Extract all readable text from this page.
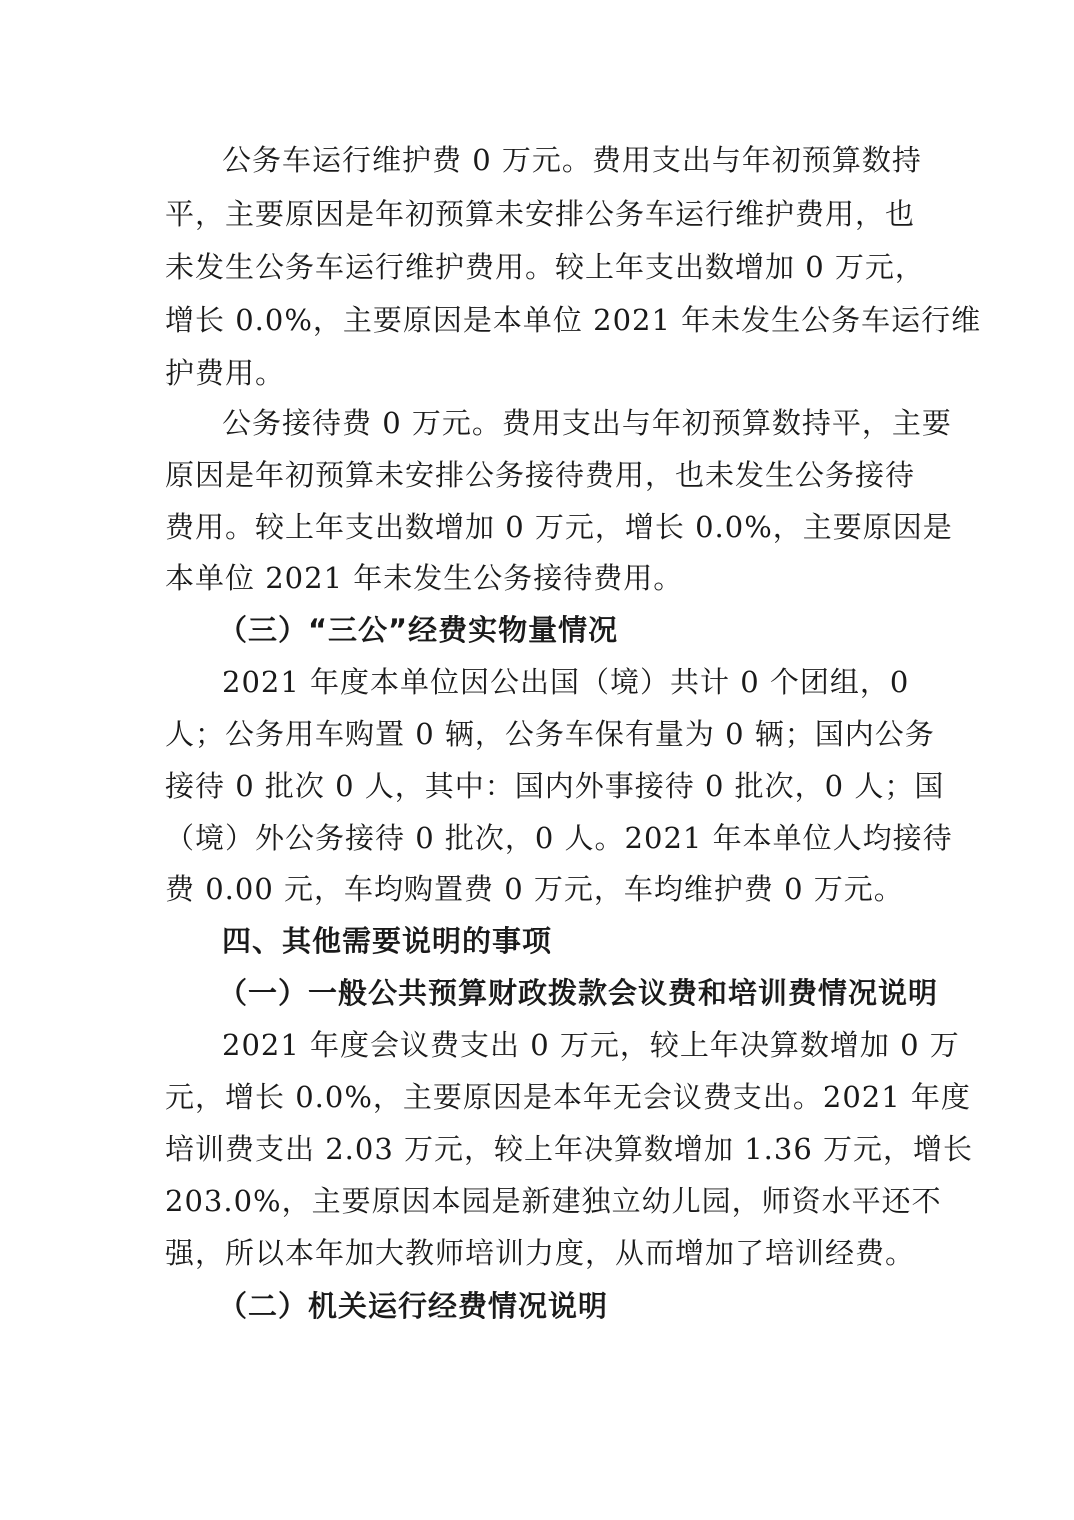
公务车运行维护费 0 万元。费用支出与年初预算数持
平，主要原因是年初预算未安排公务车运行维护费用，也
未发生公务车运行维护费用。较上年支出数增加 0 万元，
增长 0.0%，主要原因是本单位 2021 年未发生公务车运行维
护费用。
公务接待费 0 万元。费用支出与年初预算数持平，主要
原因是年初预算未安排公务接待费用，也未发生公务接待
费用。较上年支出数增加 0 万元，增长 0.0%，主要原因是
本单位 2021 年未发生公务接待费用。
（三）“三公”经费实物量情况
2021 年度本单位因公出国（境）共计 0 个团组，0
人；公务用车购置 0 辆，公务车保有量为 0 辆；国内公务
接待 0 批次 0 人，其中：国内外事接待 0 批次，0 人；国
（境）外公务接待 0 批次，0 人。2021 年本单位人均接待
费 0.00 元，车均购置费 0 万元，车均维护费 0 万元。
四、其他需要说明的事项
（一）一般公共预算财政拨款会议费和培训费情况说明
2021 年度会议费支出 0 万元，较上年决算数增加 0 万
元，增长 0.0%，主要原因是本年无会议费支出。2021 年度
培训费支出 2.03 万元，较上年决算数增加 1.36 万元，增长
203.0%，主要原因本园是新建独立幼儿园，师资水平还不
强，所以本年加大教师培训力度，从而增加了培训经费。
（二）机关运行经费情况说明
